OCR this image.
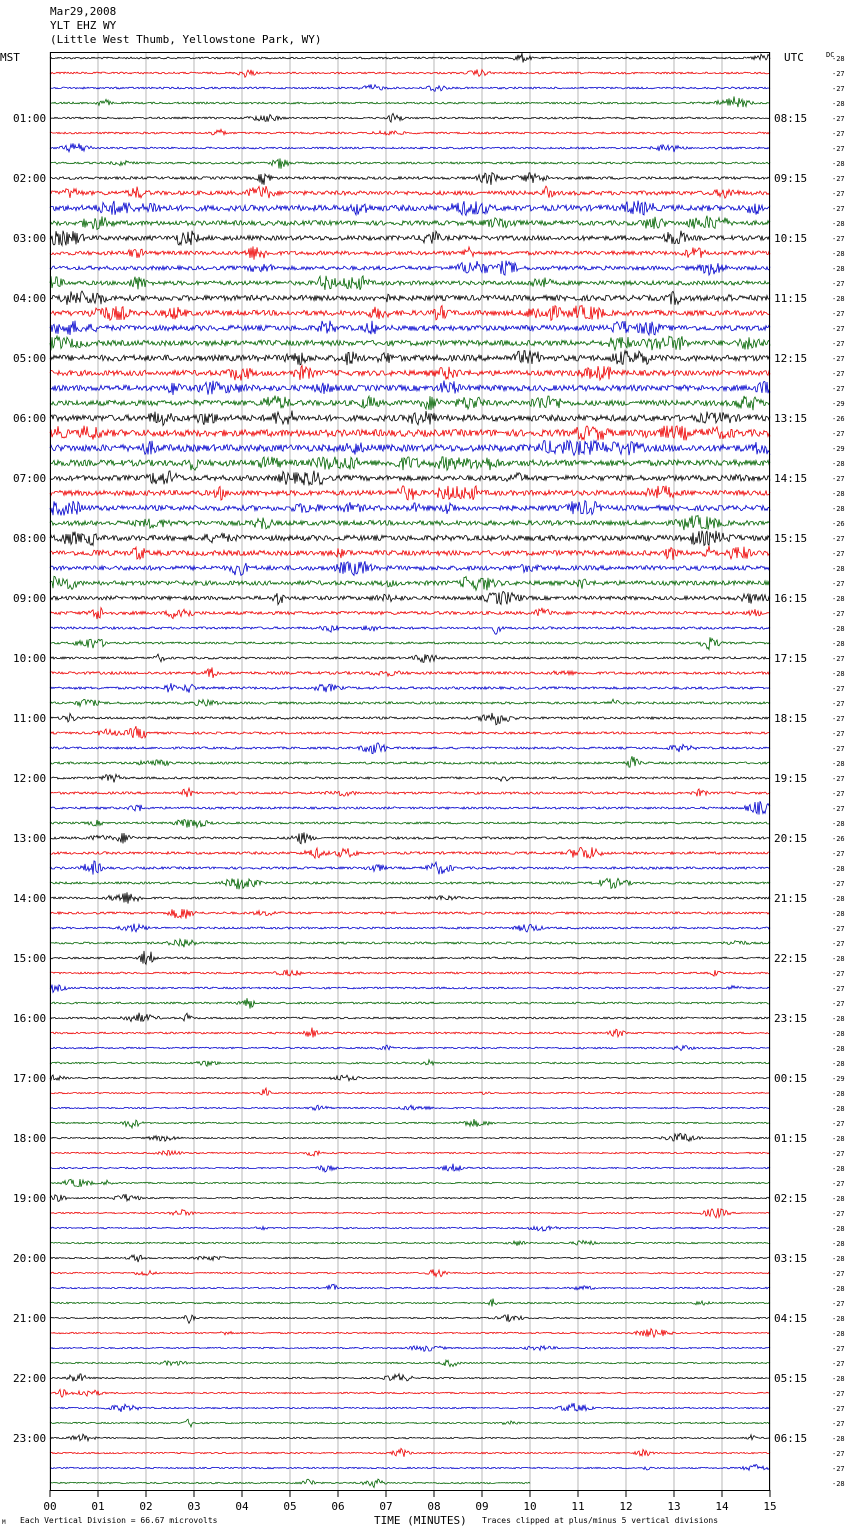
Mar29,2008
YLT EHZ WY
(Little West Thumb, Yellowstone Park, WY)
00	01	02	03	04	05	06	07	08	09	10	11	12	13	14	15
MST	UTC	DC
01:00
02:00
03:00
04:00
05:00
06:00
07:00
08:00
09:00
10:00
11:00
12:00
13:00
14:00
15:00
16:00
17:00
18:00
19:00
20:00
21:00
22:00
23:00
08:15
09:15
10:15
11:15
12:15
13:15
14:15
15:15
16:15
17:15
18:15
19:15
20:15
21:15
22:15
23:15
00:15
01:15
02:15
03:15
04:15
05:15
06:15
-28
-27
-27
-28
-27
-27
-27
-28
-27
-27
-27
-28
-27
-28
-28
-27
-28
-27
-27
-27
-27
-27
-27
-29
-26
-27
-29
-28
-27
-28
-28
-26
-27
-27
-28
-27
-28
-27
-28
-28
-27
-28
-27
-27
-27
-27
-27
-28
-27
-27
-27
-28
-26
-27
-28
-27
-28
-28
-27
-27
-28
-27
-27
-27
-28
-28
-28
-28
-29
-28
-28
-27
-28
-27
-28
-27
-28
-27
-28
-28
-28
-27
-28
-27
-28
-28
-27
-27
-28
-27
-27
-27
-28
-27
-27
-28
M Each Vertical Division = 66.67 microvolts	TIME (MINUTES) Traces clipped at plus/minus 5 vertical divisions
